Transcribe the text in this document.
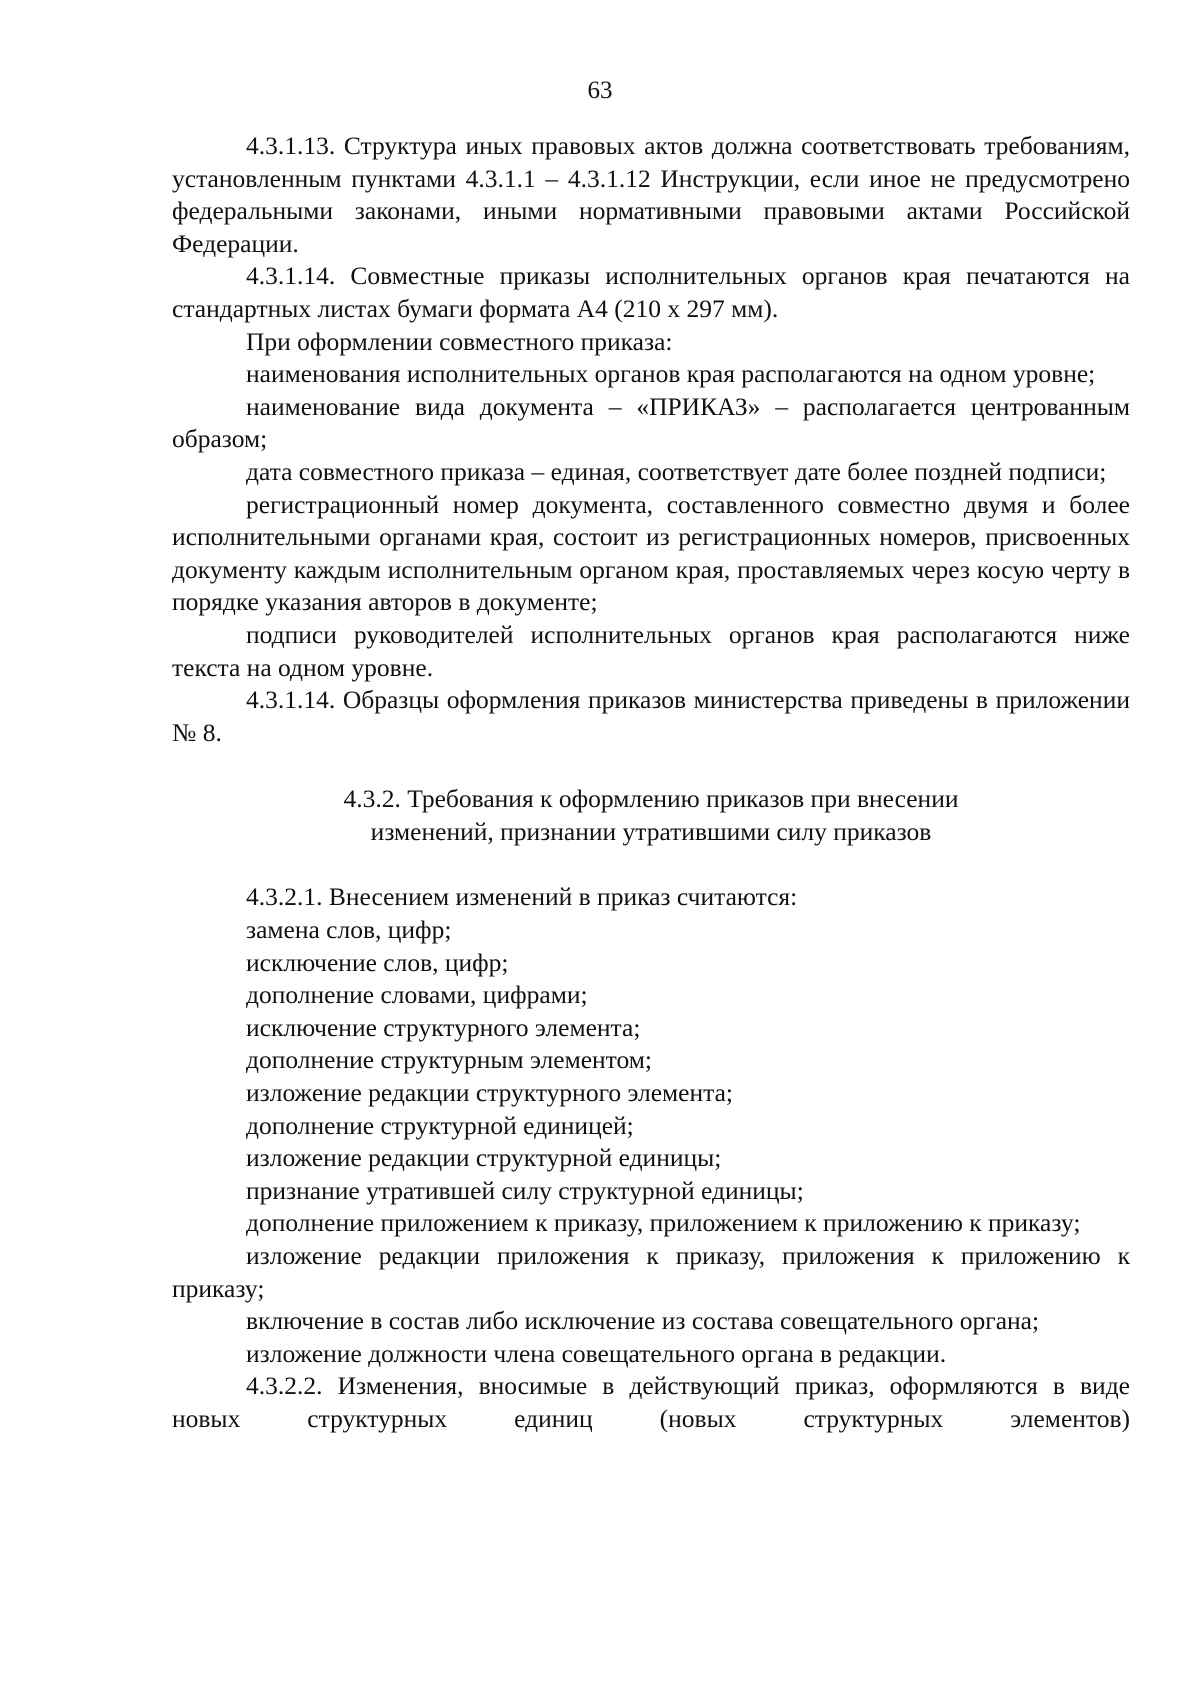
63

4.3.1.13. Структура иных правовых актов должна соответствовать требованиям, установленным пунктами 4.3.1.1 – 4.3.1.12 Инструкции, если иное не предусмотрено федеральными законами, иными нормативными правовыми актами Российской Федерации.

4.3.1.14. Совместные приказы исполнительных органов края печатаются на стандартных листах бумаги формата А4 (210 х 297 мм).

При оформлении совместного приказа:

наименования исполнительных органов края располагаются на одном уровне;

наименование вида документа – «ПРИКАЗ» – располагается центрованным образом;

дата совместного приказа – единая, соответствует дате более поздней подписи;

регистрационный номер документа, составленного совместно двумя и более исполнительными органами края, состоит из регистрационных номеров, присвоенных документу каждым исполнительным органом края, проставляемых через косую черту в порядке указания авторов в документе;

подписи руководителей исполнительных органов края располагаются ниже текста на одном уровне.

4.3.1.14. Образцы оформления приказов министерства приведены в приложении № 8.

4.3.2. Требования к оформлению приказов при внесении
изменений, признании утратившими силу приказов

4.3.2.1. Внесением изменений в приказ считаются:

замена слов, цифр;

исключение слов, цифр;

дополнение словами, цифрами;

исключение структурного элемента;

дополнение структурным элементом;

изложение редакции структурного элемента;

дополнение структурной единицей;

изложение редакции структурной единицы;

признание утратившей силу структурной единицы;

дополнение приложением к приказу, приложением к приложению к приказу;

изложение редакции приложения к приказу, приложения к приложению к приказу;

включение в состав либо исключение из состава совещательного органа;

изложение должности члена совещательного органа в редакции.

4.3.2.2. Изменения, вносимые в действующий приказ, оформляются в виде новых структурных единиц (новых структурных элементов)
